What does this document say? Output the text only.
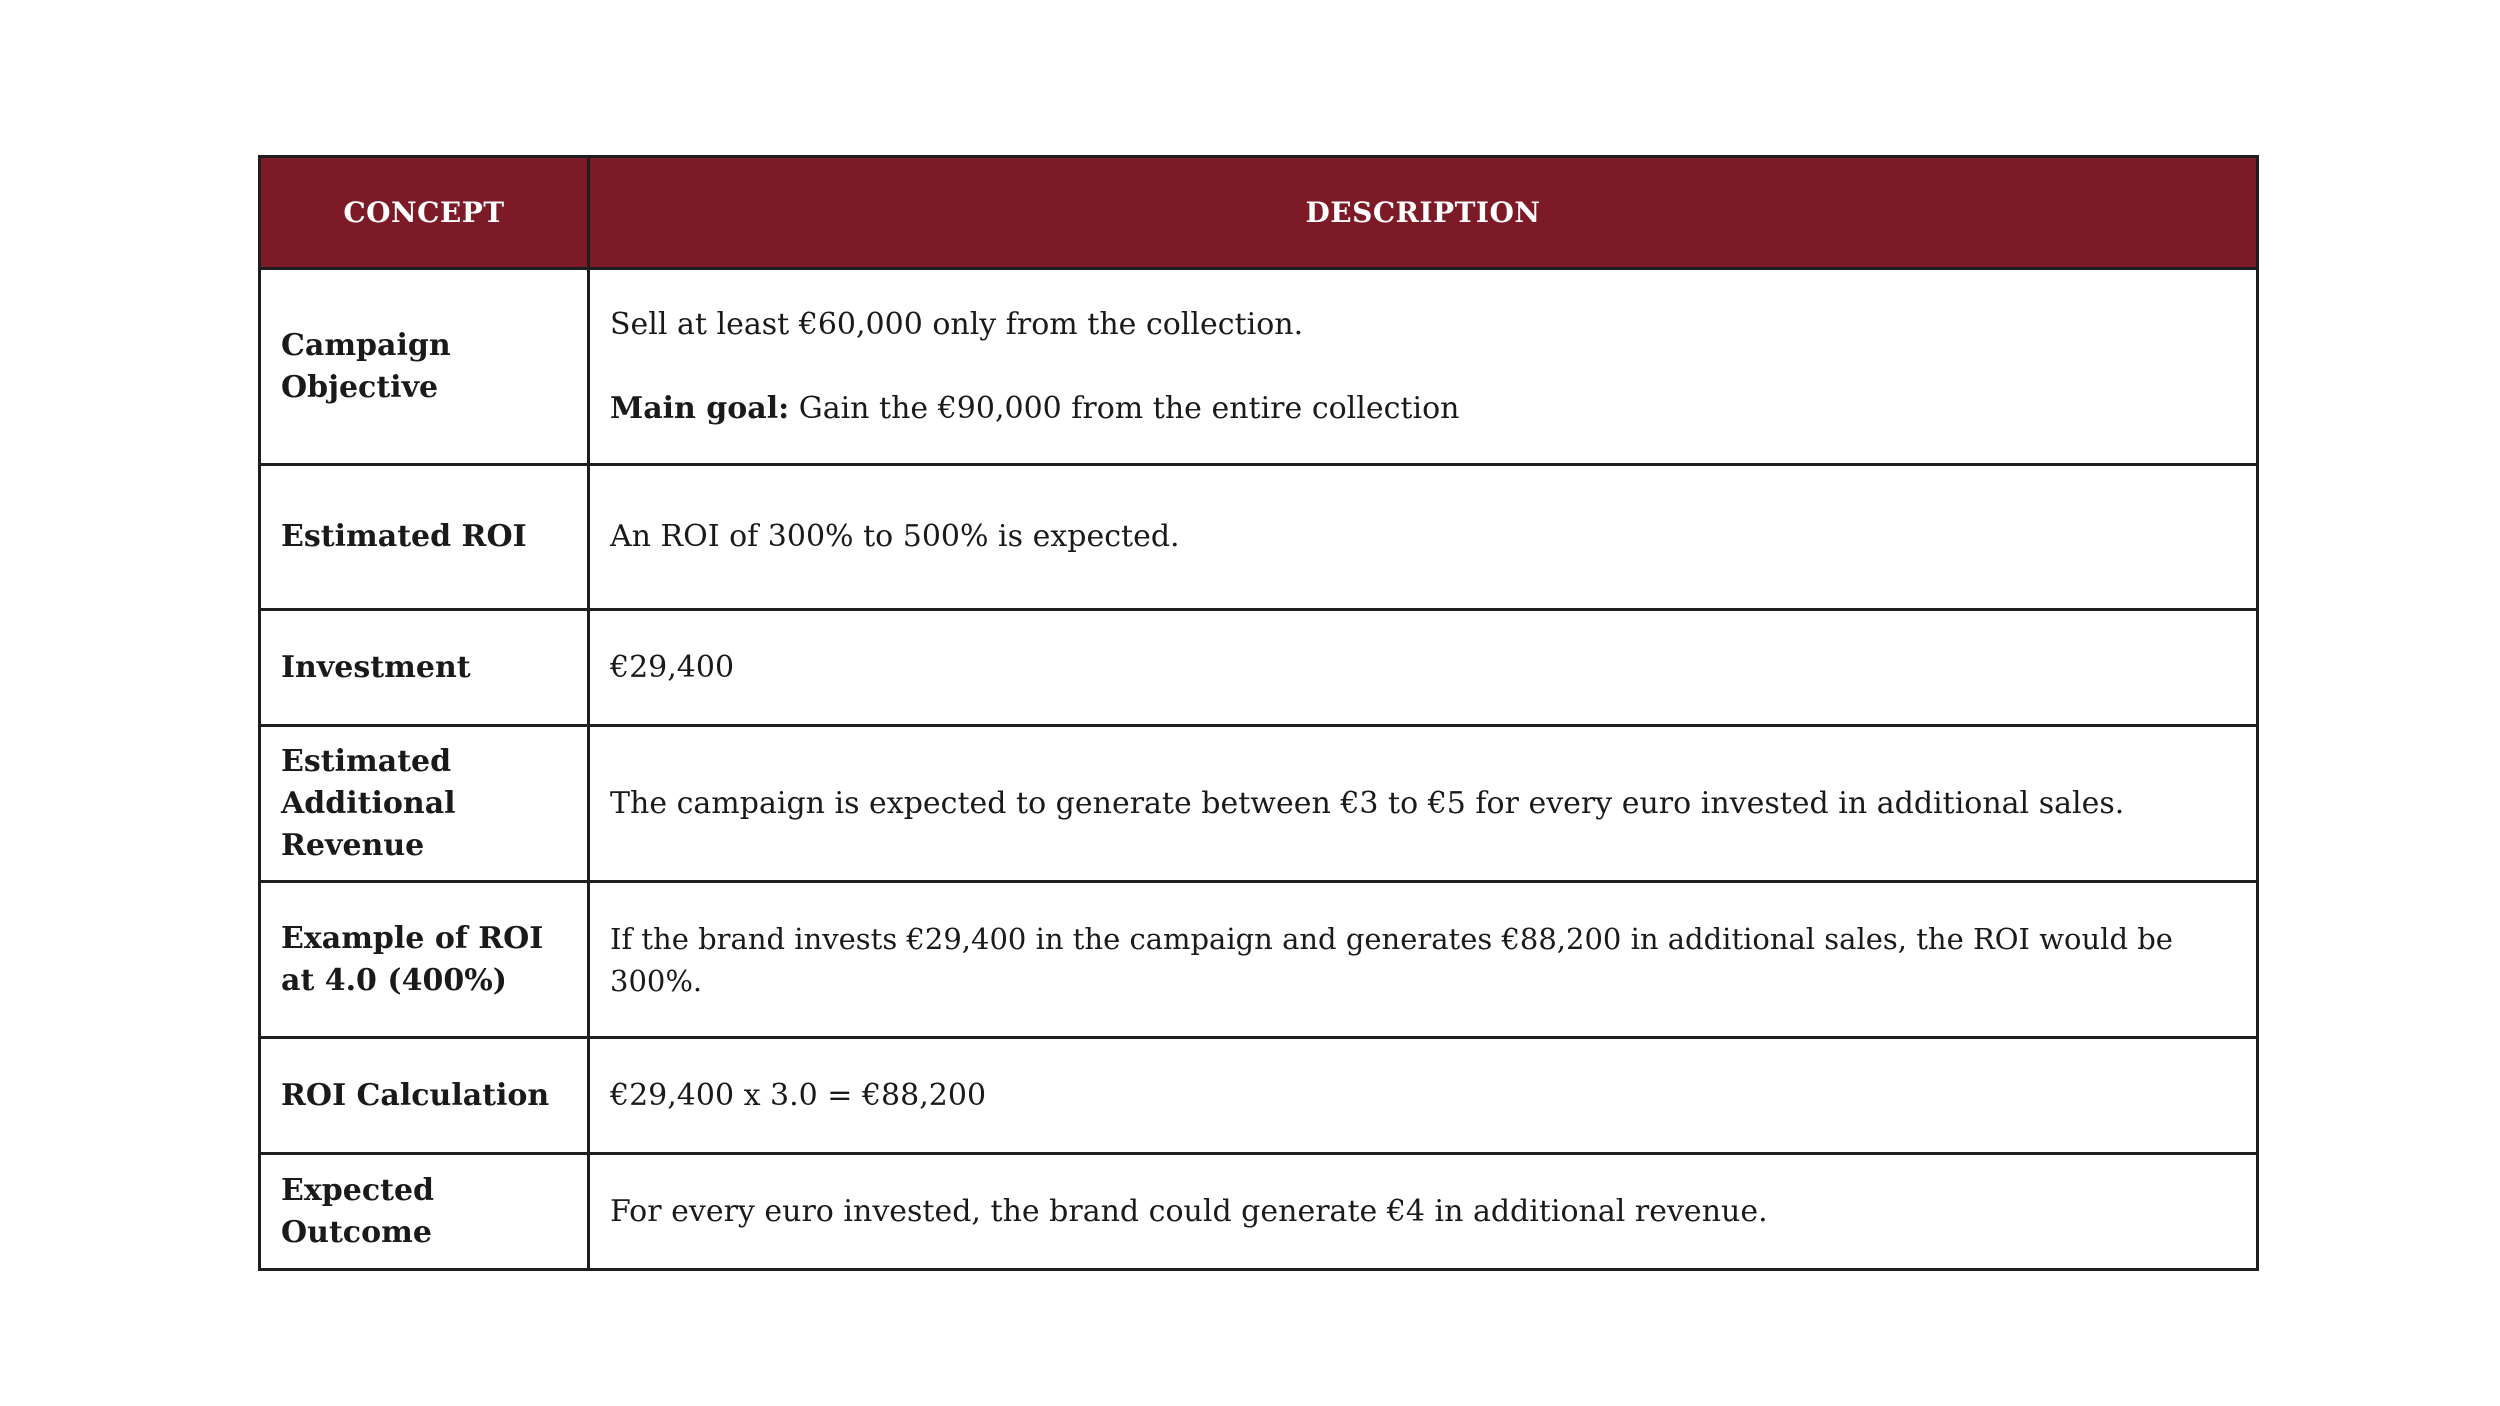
CONCEPT	DESCRIPTION
Campaign Objective	Sell at least €60,000 only from the collection.

Main goal: Gain the €90,000 from the entire collection

Estimated ROI	An ROI of 300% to 500% is expected.
Investment	€29,400
Estimated Additional Revenue	The campaign is expected to generate between €3 to €5 for every euro invested in additional sales.
Example of ROI at 4.0 (400%)	If the brand invests €29,400 in the campaign and generates €88,200 in additional sales, the ROI would be 300%.
ROI Calculation	€29,400 x 3.0 = €88,200
Expected Outcome	For every euro invested, the brand could generate €4 in additional revenue.
